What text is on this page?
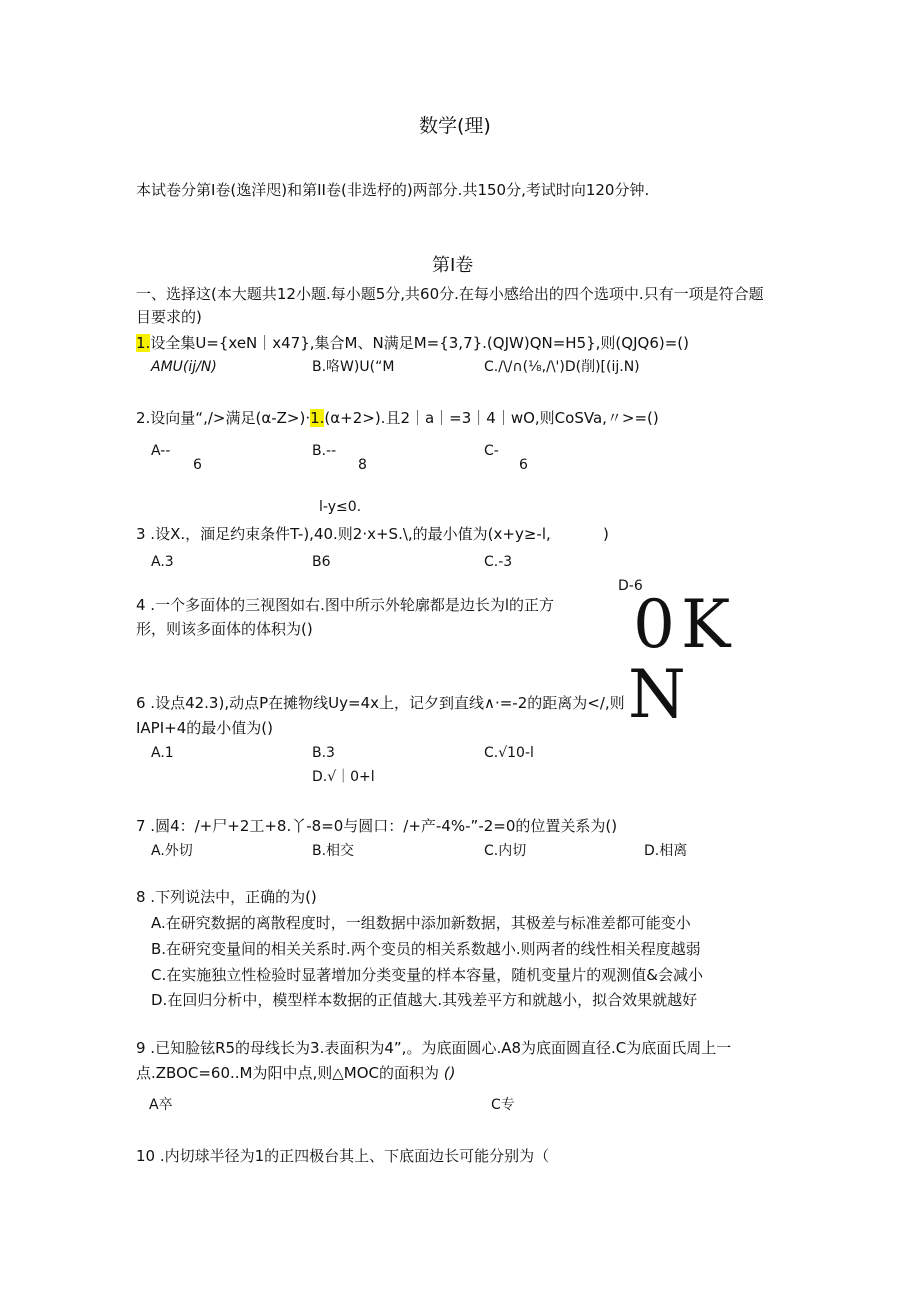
数学(理)
本试卷分第I卷(逸洋咫)和第II卷(非选杼的)两部分.共150分,考试时向120分钟.
第I卷
一、选择这(本大题共12小题.每小题5分,共60分.在每小感给出的四个选项中.只有一项是符合题
目要求的)
1.设全集U={xeN｜x47},集合M、N满足M={3,7}.(QJW)QN=H5},则(QJQ6)=()
AMU(ij/N)	B.咯W)U(“M	C./\/∩(⅛,/\')D(削)[(ij.N)
2.设向量“,/>满足(α-Z>)·1.(α+2>).且2｜a｜=3｜4｜wO,则CoSVa,〃>=()
A--
6
B.--
8
C-
6
l-y≤0.
3 .设X.，湎足约束条件T-),40.则2·x+S.\,的最小值为(x+y≥-l,	)
A.3	B6	C.-3
D-6
4 .一个多面体的三视图如右.图中所示外轮廓都是边长为l的正方
形，则该多面体的体积为()	0K
N
6 .设点42.3),动点P在摊物线Uy=4x上，记夕到直线∧·=-2的距离为</,则
IAPI+4的最小值为()
A.1	B.3	C.√10-l
D.√｜0+l
7 .圆4：/+尸+2工+8.丫-8=0与圆口：/+产-4%-”-2=0的位置关系为()
A.外切	B.相交	C.内切	D.相离
8 .下列说法中，正确的为()
A.在研究数据的离散程度时，一组数据中添加新数据，其极差与标准差都可能变小
B.在研究变量间的相关关系时.两个变员的相关系数越小.则两者的线性相关程度越弱
C.在实施独立性检验时显著增加分类变量的样本容量，随机变量片的观测值&会减小
D.在回归分析中，模型样本数据的正值越大.其残差平方和就越小，拟合效果就越好
9 .已知脸铉R5的母线长为3.表面积为4”,。为底面圆心.A8为底面圆直径.C为底面氏周上一
点.ZBOC=60..M为阳中点,则△MOC的面积为 ()
A卒	C专
10 .内切球半径为1的正四极台其上、下底面边长可能分别为（
